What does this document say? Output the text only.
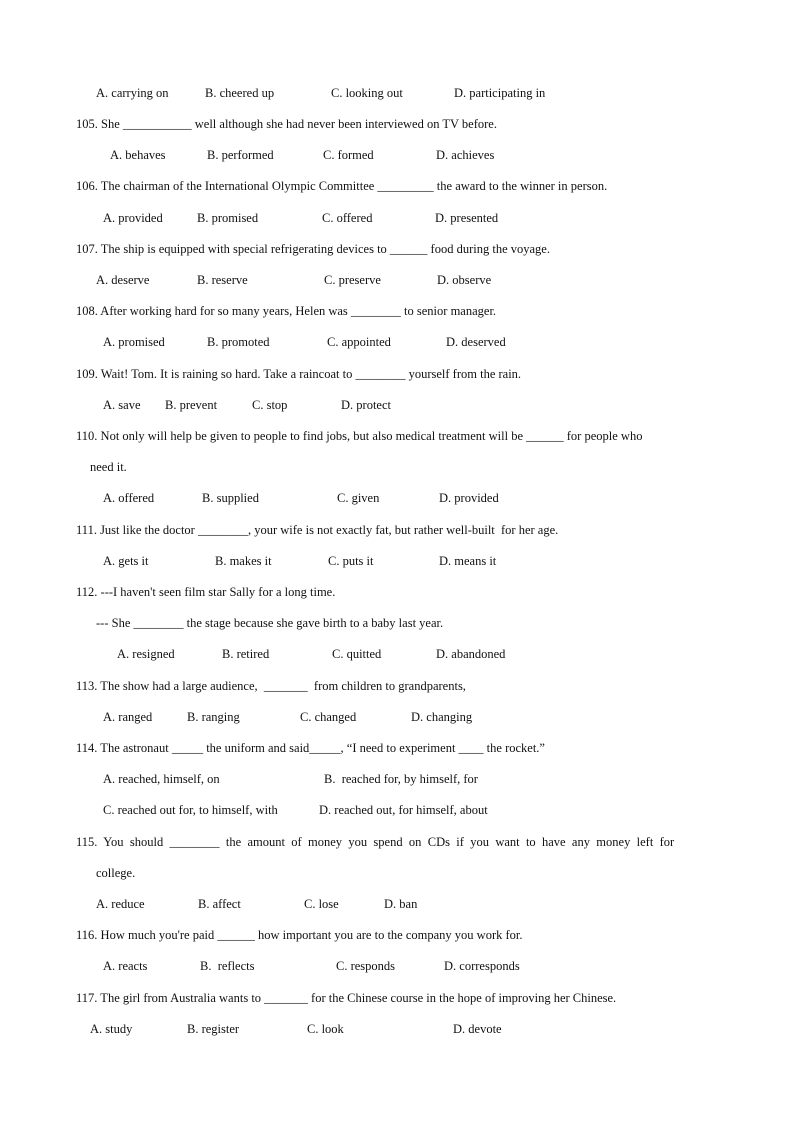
A. carrying on	B. cheered up	C. looking out	D. participating in
105. She ___________ well although she had never been interviewed on TV before.
A. behaves	B. performed	C. formed	D. achieves
106. The chairman of the International Olympic Committee _________ the award to the winner in person.
A. provided	B. promised	C. offered	D. presented
107. The ship is equipped with special refrigerating devices to ______ food during the voyage.
A. deserve	B. reserve	C. preserve	D. observe
108. After working hard for so many years, Helen was ________ to senior manager.
A. promised	B. promoted	C. appointed	D. deserved
109. Wait! Tom. It is raining so hard. Take a raincoat to ________ yourself from the rain.
A. save B. prevent	C. stop	D. protect
110. Not only will help be given to people to find jobs, but also medical treatment will be ______ for people who
need it.
A. offered	B. supplied	C. given	D. provided
111. Just like the doctor ________, your wife is not exactly fat, but rather well-built  for her age.
A. gets it	B. makes it	C. puts it	D. means it
112. ---I haven't seen film star Sally for a long time.
--- She ________ the stage because she gave birth to a baby last year.
A. resigned	B. retired	C. quitted	D. abandoned
113. The show had a large audience,  _______  from children to grandparents,
A. ranged	B. ranging	C. changed	D. changing
114. The astronaut _____ the uniform and said_____, “I need to experiment ____ the rocket.”
A. reached, himself, on	B.  reached for, by himself, for
C. reached out for, to himself, with	D. reached out, for himself, about
115. You should ________ the amount of money you spend on CDs if you want to have any money left for
college.
A. reduce	B. affect	C. lose	D. ban
116. How much you're paid ______ how important you are to the company you work for.
A. reacts	B.  reflects	C. responds	D. corresponds
117. The girl from Australia wants to _______ for the Chinese course in the hope of improving her Chinese.
A. study	B. register	C. look	D. devote
